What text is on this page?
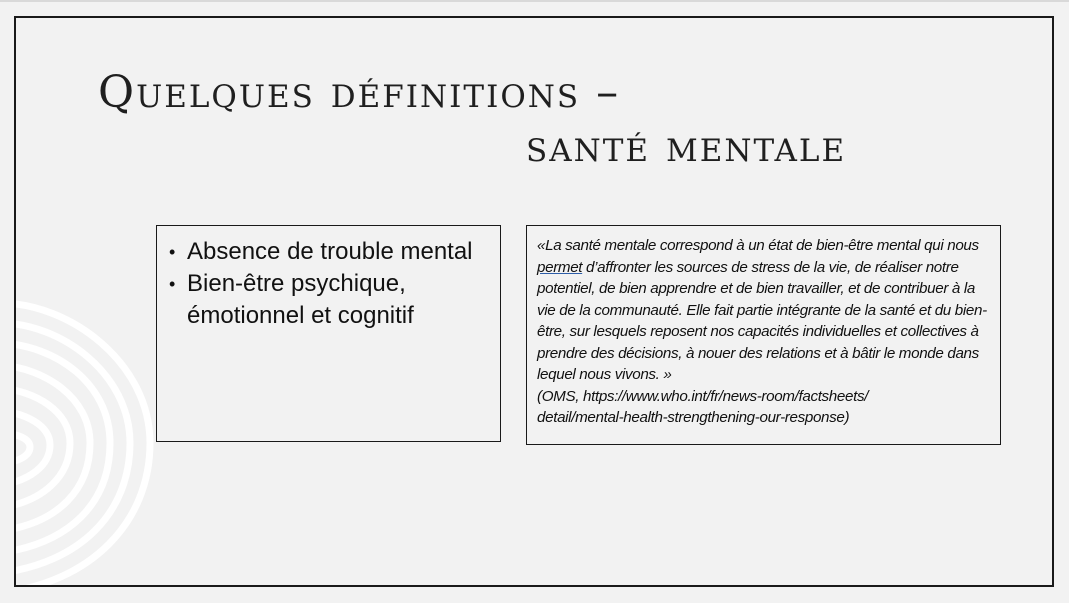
Quelques définitions –
santé mentale
• Absence de trouble mental
• Bien-être psychique, émotionnel et cognitif
«La santé mentale correspond à un état de bien-être mental qui nous permet d’affronter les sources de stress de la vie, de réaliser notre potentiel, de bien apprendre et de bien travailler, et de contribuer à la vie de la communauté. Elle fait partie intégrante de la santé et du bien-être, sur lesquels reposent nos capacités individuelles et collectives à prendre des décisions, à nouer des relations et à bâtir le monde dans lequel nous vivons. »
(OMS, https://www.who.int/fr/news-room/factsheets/
detail/mental-health-strengthening-our-response)
